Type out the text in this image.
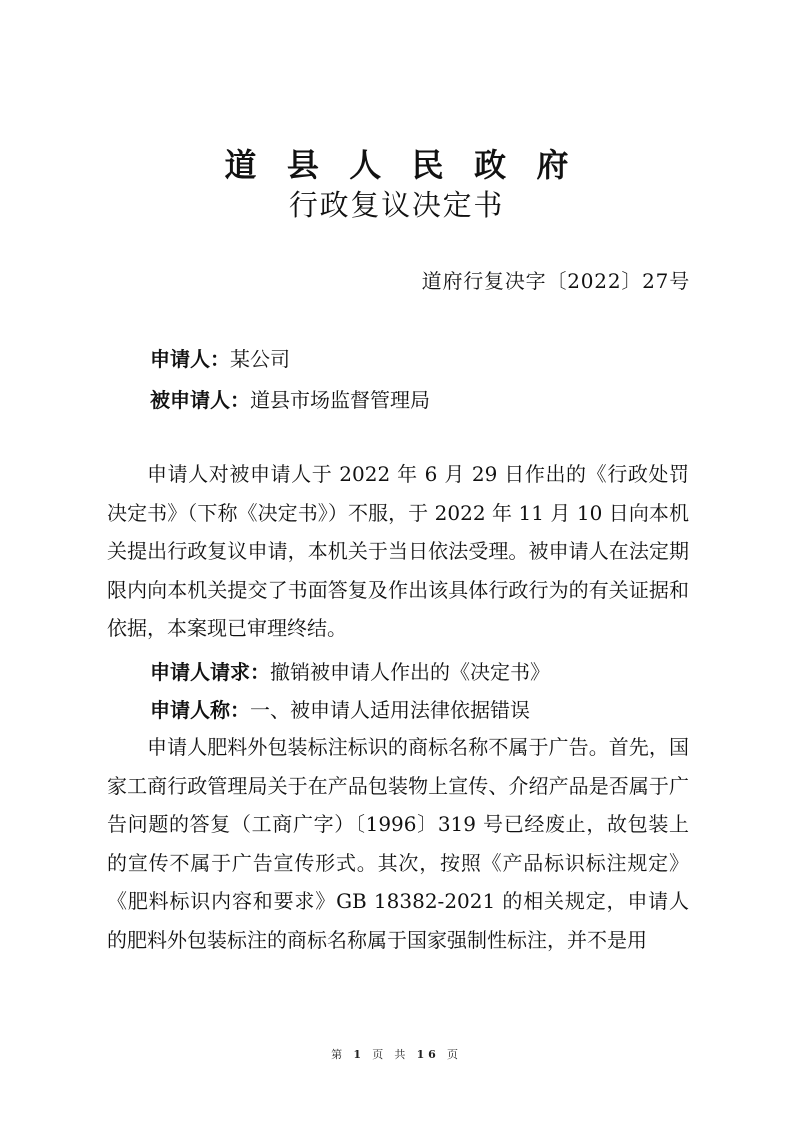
道县人民政府
行政复议决定书
道府行复决字〔2022〕27号
申请人：某公司
被申请人：道县市场监督管理局

申请人对被申请人于 2022 年 6 月 29 日作出的《行政处罚决定书》（下称《决定书》）不服，于 2022 年 11 月 10 日向本机关提出行政复议申请，本机关于当日依法受理。被申请人在法定期限内向本机关提交了书面答复及作出该具体行政行为的有关证据和依据，本案现已审理终结。

申请人请求：撤销被申请人作出的《决定书》
申请人称：一、被申请人适用法律依据错误

申请人肥料外包装标注标识的商标名称不属于广告。首先，国家工商行政管理局关于在产品包装物上宣传、介绍产品是否属于广告问题的答复（工商广字）〔1996〕319 号已经废止，故包装上的宣传不属于广告宣传形式。其次，按照《产品标识标注规定》《肥料标识内容和要求》GB 18382-2021 的相关规定，申请人的肥料外包装标注的商标名称属于国家强制性标注，并不是用

第 1 页 共 16 页
